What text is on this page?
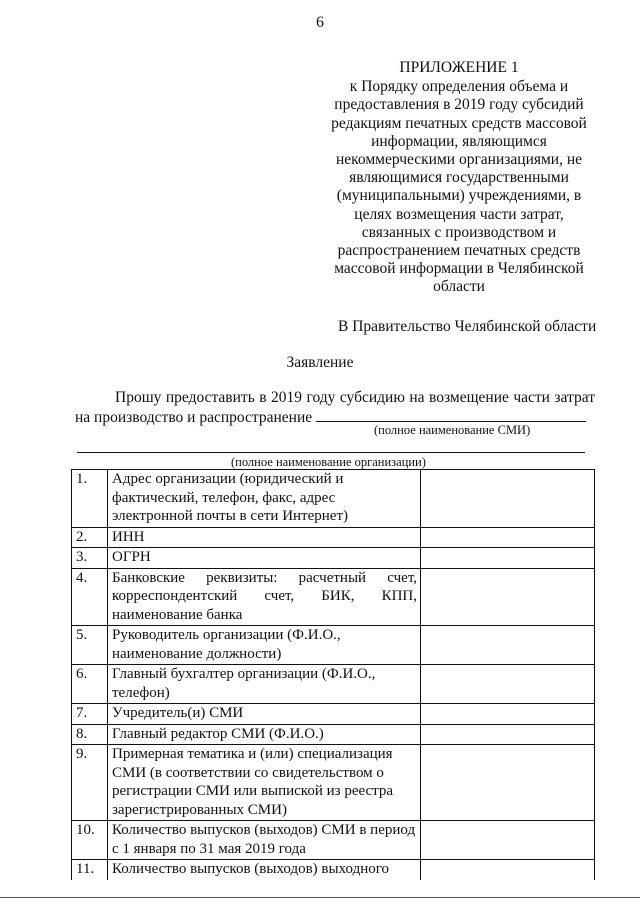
6
ПРИЛОЖЕНИЕ 1
к Порядку определения объема и
предоставления в 2019 году субсидий
редакциям печатных средств массовой
информации, являющимся
некоммерческими организациями, не
являющимися государственными
(муниципальными) учреждениями, в
целях возмещения части затрат,
связанных с производством и
распространением печатных средств
массовой информации в Челябинской
области
В Правительство Челябинской области
Заявление
Прошу предоставить в 2019 году субсидию на возмещение части затрат
на производство и распространение
(полное наименование СМИ)
(полное наименование организации)
1.	Адрес организации (юридический и фактический, телефон, факс, адрес электронной почты в сети Интернет)	
2.	ИНН	
3.	ОГРН	
4.	Банковские реквизиты: расчетный счет,
корреспондентский счет, БИК, КПП,
наименование банка	

5.	Руководитель организации (Ф.И.О., наименование должности)	
6.	Главный бухгалтер организации (Ф.И.О., телефон)	
7.	Учредитель(и) СМИ	
8.	Главный редактор СМИ (Ф.И.О.)	
9.	Примерная тематика и (или) специализация СМИ (в соответствии со свидетельством о регистрации СМИ или выпиской из реестра зарегистрированных СМИ)	
10.	Количество выпусков (выходов) СМИ в период с 1 января по 31 мая 2019 года	
11.	Количество выпусков (выходов) выходного	
